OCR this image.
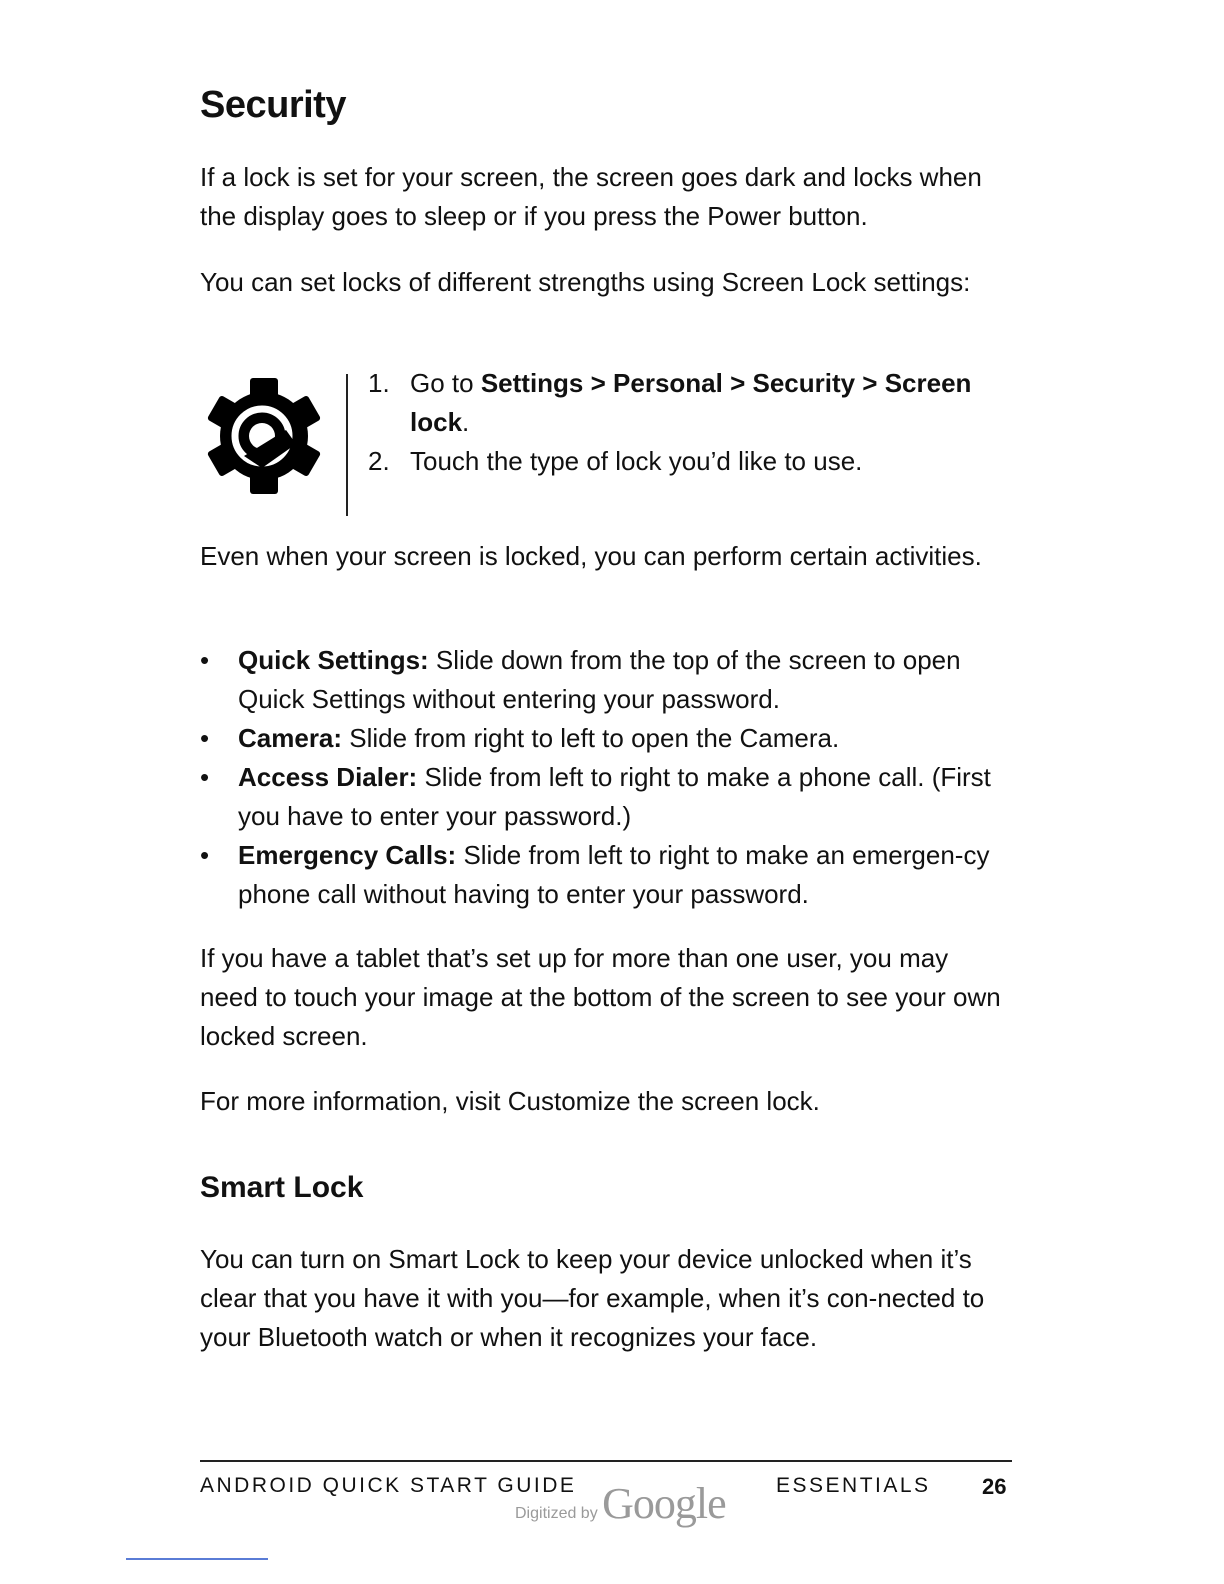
Security

If a lock is set for your screen, the screen goes dark and locks when the display goes to sleep or if you press the Power button.

You can set locks of different strengths using Screen Lock settings:

1. Go to Settings > Personal > Security > Screen lock.
2. Touch the type of lock you’d like to use.

Even when your screen is locked, you can perform certain activities.

• Quick Settings: Slide down from the top of the screen to open Quick Settings without entering your password.
• Camera: Slide from right to left to open the Camera.
• Access Dialer: Slide from left to right to make a phone call. (First you have to enter your password.)
• Emergency Calls: Slide from left to right to make an emergen-cy phone call without having to enter your password.

If you have a tablet that’s set up for more than one user, you may need to touch your image at the bottom of the screen to see your own locked screen.

For more information, visit Customize the screen lock.

Smart Lock

You can turn on Smart Lock to keep your device unlocked when it’s clear that you have it with you—for example, when it’s con-nected to your Bluetooth watch or when it recognizes your face.

ANDROID QUICK START GUIDE
Digitized by Google ESSENTIALS 26
